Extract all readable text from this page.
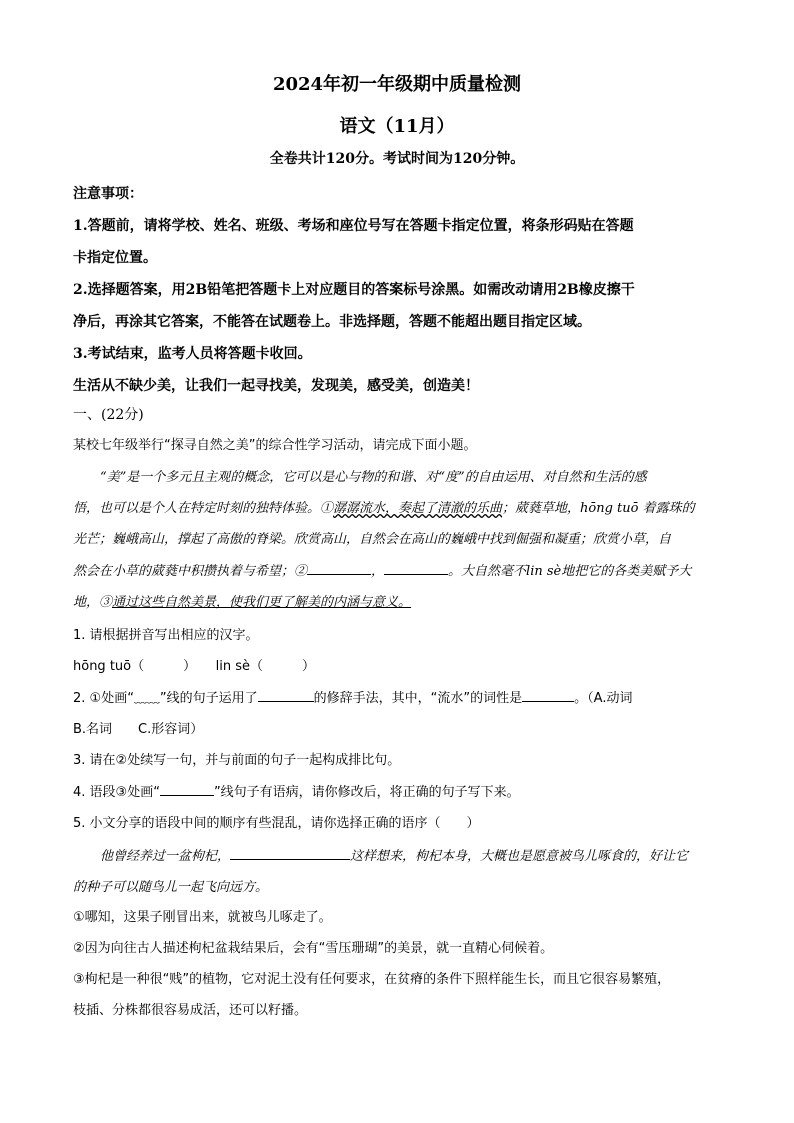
2024年初一年级期中质量检测
语文（11月）
全卷共计120分。考试时间为120分钟。
注意事项：
1.答题前，请将学校、姓名、班级、考场和座位号写在答题卡指定位置，将条形码贴在答题
卡指定位置。
2.选择题答案，用2B铅笔把答题卡上对应题目的答案标号涂黑。如需改动请用2B橡皮擦干
净后，再涂其它答案，不能答在试题卷上。非选择题，答题不能超出题目指定区域。
3.考试结束，监考人员将答题卡收回。
生活从不缺少美，让我们一起寻找美，发现美，感受美，创造美！
一、(22分)
某校七年级举行“探寻自然之美”的综合性学习活动，请完成下面小题。
“美”是一个多元且主观的概念，它可以是心与物的和谐、对“度”的自由运用、对自然和生活的感
悟，也可以是个人在特定时刻的独特体验。①潺潺流水，奏起了清澈的乐曲；葳蕤草地，hōng tuō 着露珠的
光芒；巍峨高山，撑起了高傲的脊梁。欣赏高山，自然会在高山的巍峨中找到倔强和凝重；欣赏小草，自
然会在小草的葳蕤中积攒执着与希望；②	，	。大自然毫不lin sè地把它的各类美赋予大
地，③通过这些自然美景，使我们更了解美的内涵与意义。
1. 请根据拼音写出相应的汉字。
hōng tuō（　　　）　　lin sè（　　　）
2. ①处画“﹏﹏”线的句子运用了	的修辞手法，其中，“流水”的词性是	。（A.动词
B.名词　　C.形容词）
3. 请在②处续写一句，并与前面的句子一起构成排比句。
4. 语段③处画“	”线句子有语病，请你修改后，将正确的句子写下来。
5. 小文分享的语段中间的顺序有些混乱，请你选择正确的语序（　　）
他曾经养过一盆枸杞，	这样想来，枸杞本身，大概也是愿意被鸟儿啄食的，好让它
的种子可以随鸟儿一起飞向远方。
①哪知，这果子刚冒出来，就被鸟儿啄走了。
②因为向往古人描述枸杞盆栽结果后，会有“雪压珊瑚”的美景，就一直精心伺候着。
③枸杞是一种很“贱”的植物，它对泥土没有任何要求，在贫瘠的条件下照样能生长，而且它很容易繁殖，
枝插、分株都很容易成活，还可以籽播。
